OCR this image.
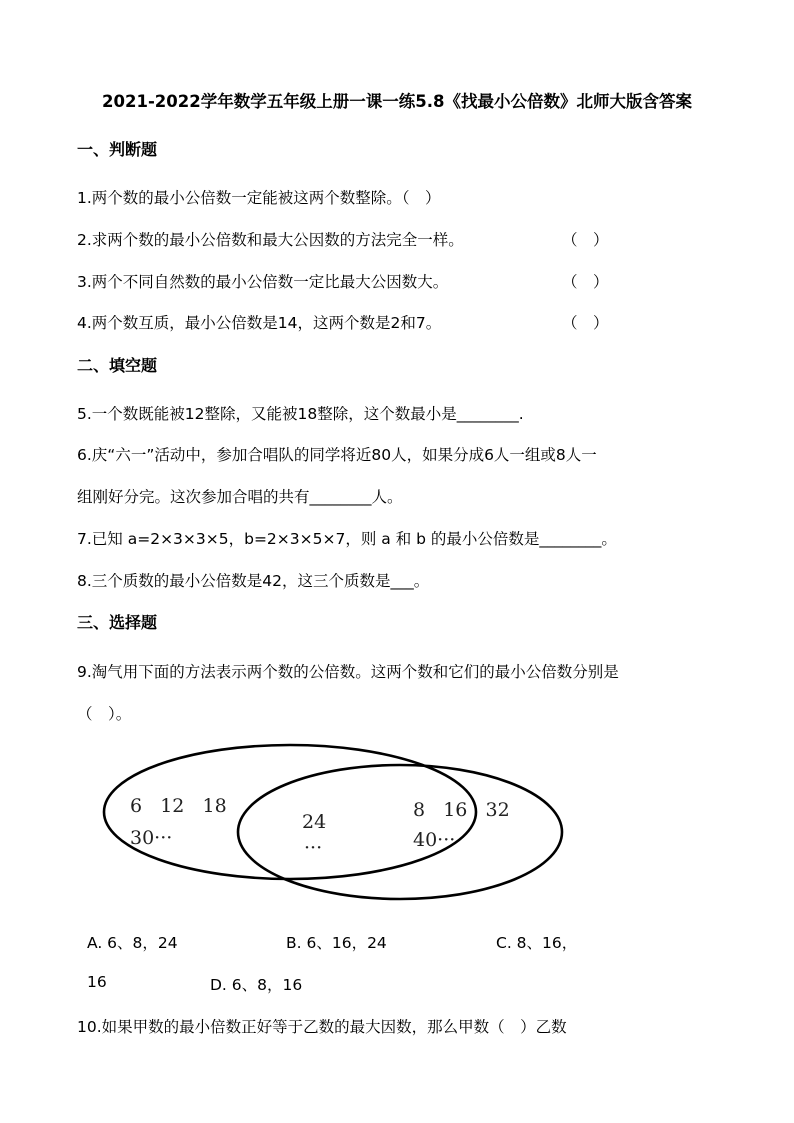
2021-2022学年数学五年级上册一课一练5.8《找最小公倍数》北师大版含答案
一、判断题
1.两个数的最小公倍数一定能被这两个数整除。（　）
2.求两个数的最小公倍数和最大公因数的方法完全一样。	（　）
3.两个不同自然数的最小公倍数一定比最大公因数大。	（　）
4.两个数互质，最小公倍数是14，这两个数是2和7。	（　）
二、填空题
5.一个数既能被12整除，又能被18整除，这个数最小是________.
6.庆“六一”活动中，参加合唱队的同学将近80人，如果分成6人一组或8人一
组刚好分完。这次参加合唱的共有________人。
7.已知 a=2×3×3×5，b=2×3×5×7，则 a 和 b 的最小公倍数是________。
8.三个质数的最小公倍数是42，这三个质数是___。
三、选择题
9.淘气用下面的方法表示两个数的公倍数。这两个数和它们的最小公倍数分别是
（　）。
6   12   18
30···
24
···
8   16   32
40···
A. 6、8，24	B. 6、16，24	C. 8、16，
16	D. 6、8，16
10.如果甲数的最小倍数正好等于乙数的最大因数，那么甲数（　）乙数
